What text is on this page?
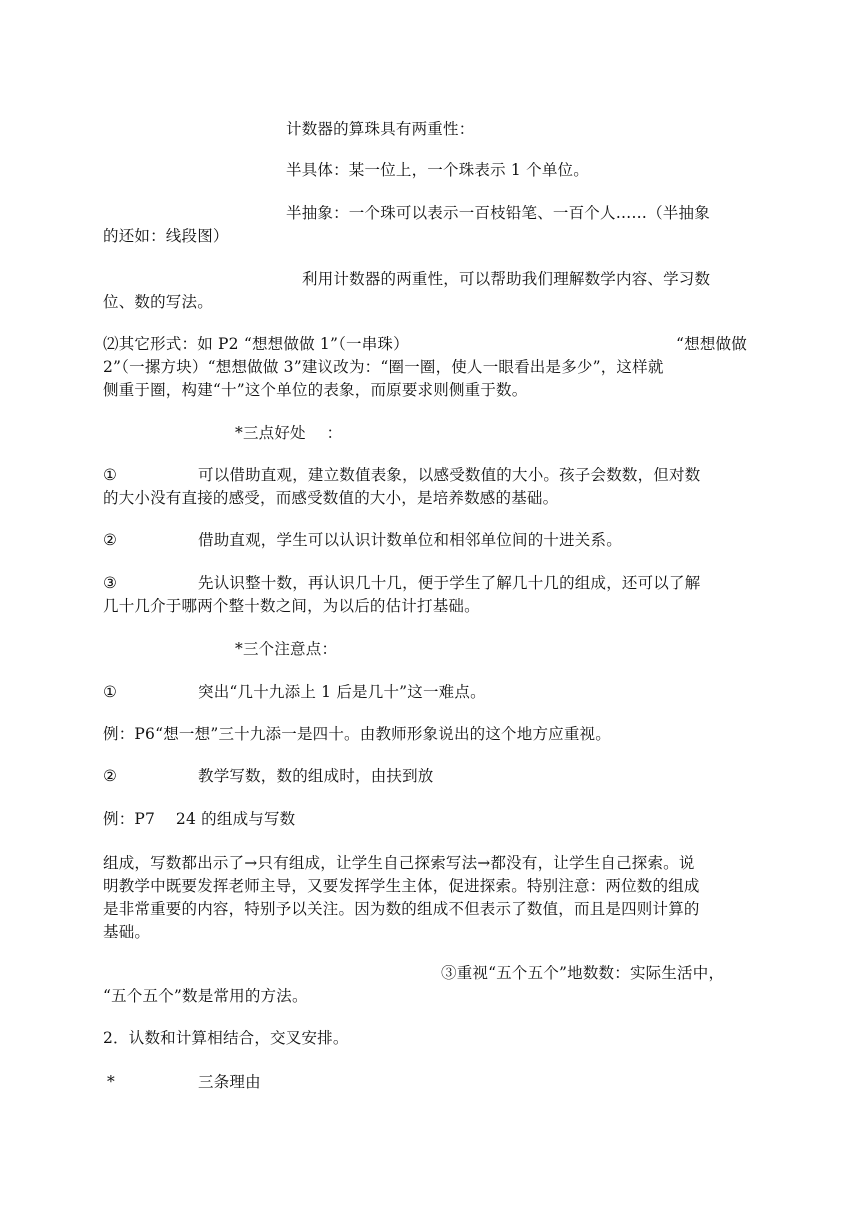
计数器的算珠具有两重性：
半具体：某一位上，一个珠表示 1 个单位。
半抽象：一个珠可以表示一百枝铅笔、一百个人……（半抽象
的还如：线段图）
利用计数器的两重性，可以帮助我们理解数学内容、学习数
位、数的写法。
⑵其它形式：如 P2 “想想做做 1”（一串珠）	“想想做做
2”（一摞方块）“想想做做 3”建议改为：“圈一圈，使人一眼看出是多少”，这样就
侧重于圈，构建“十”这个单位的表象，而原要求则侧重于数。
*三点好处　 ：
①	可以借助直观，建立数值表象，以感受数值的大小。孩子会数数，但对数
的大小没有直接的感受，而感受数值的大小，是培养数感的基础。
②	借助直观，学生可以认识计数单位和相邻单位间的十进关系。
③	先认识整十数，再认识几十几，便于学生了解几十几的组成，还可以了解
几十几介于哪两个整十数之间，为以后的估计打基础。
*三个注意点：
①	突出“几十九添上 1 后是几十”这一难点。
例：P6“想一想”三十九添一是四十。由教师形象说出的这个地方应重视。
②	教学写数，数的组成时，由扶到放
例：P7　 24 的组成与写数
组成，写数都出示了→只有组成，让学生自己探索写法→都没有，让学生自己探索。说
明教学中既要发挥老师主导，又要发挥学生主体，促进探索。特别注意：两位数的组成
是非常重要的内容，特别予以关注。因为数的组成不但表示了数值，而且是四则计算的
基础。
③重视“五个五个”地数数：实际生活中，
“五个五个”数是常用的方法。
2．认数和计算相结合，交叉安排。
*	三条理由
